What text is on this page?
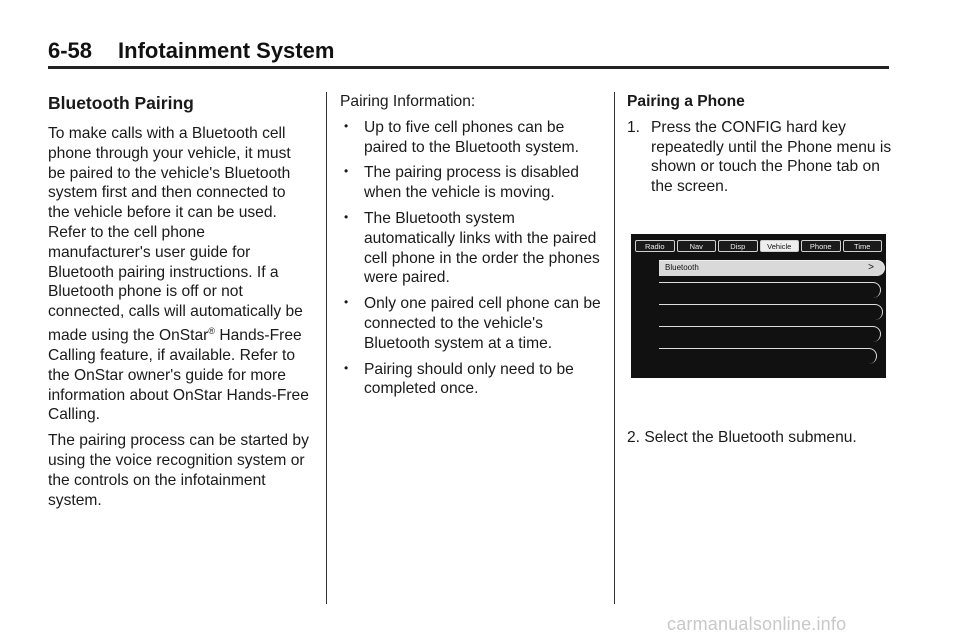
6-58 Infotainment System
Bluetooth Pairing

To make calls with a Bluetooth cell phone through your vehicle, it must be paired to the vehicle's Bluetooth system first and then connected to the vehicle before it can be used. Refer to the cell phone manufacturer's user guide for Bluetooth pairing instructions. If a Bluetooth phone is off or not connected, calls will automatically be made using the OnStar® Hands-Free Calling feature, if available. Refer to the OnStar owner's guide for more information about OnStar Hands-Free Calling.

The pairing process can be started by using the voice recognition system or the controls on the infotainment system.

Pairing Information:

• Up to five cell phones can be paired to the Bluetooth system.
• The pairing process is disabled when the vehicle is moving.
• The Bluetooth system automatically links with the paired cell phone in the order the phones were paired.
• Only one paired cell phone can be connected to the vehicle's Bluetooth system at a time.
• Pairing should only need to be completed once.
Pairing a Phone
1. Press the CONFIG hard key repeatedly until the Phone menu is shown or touch the Phone tab on the screen.
Radio	Nav	Disp	Vehicle	Phone	Time
Bluetooth	>
2. Select the Bluetooth submenu.
carmanualsonline.info
